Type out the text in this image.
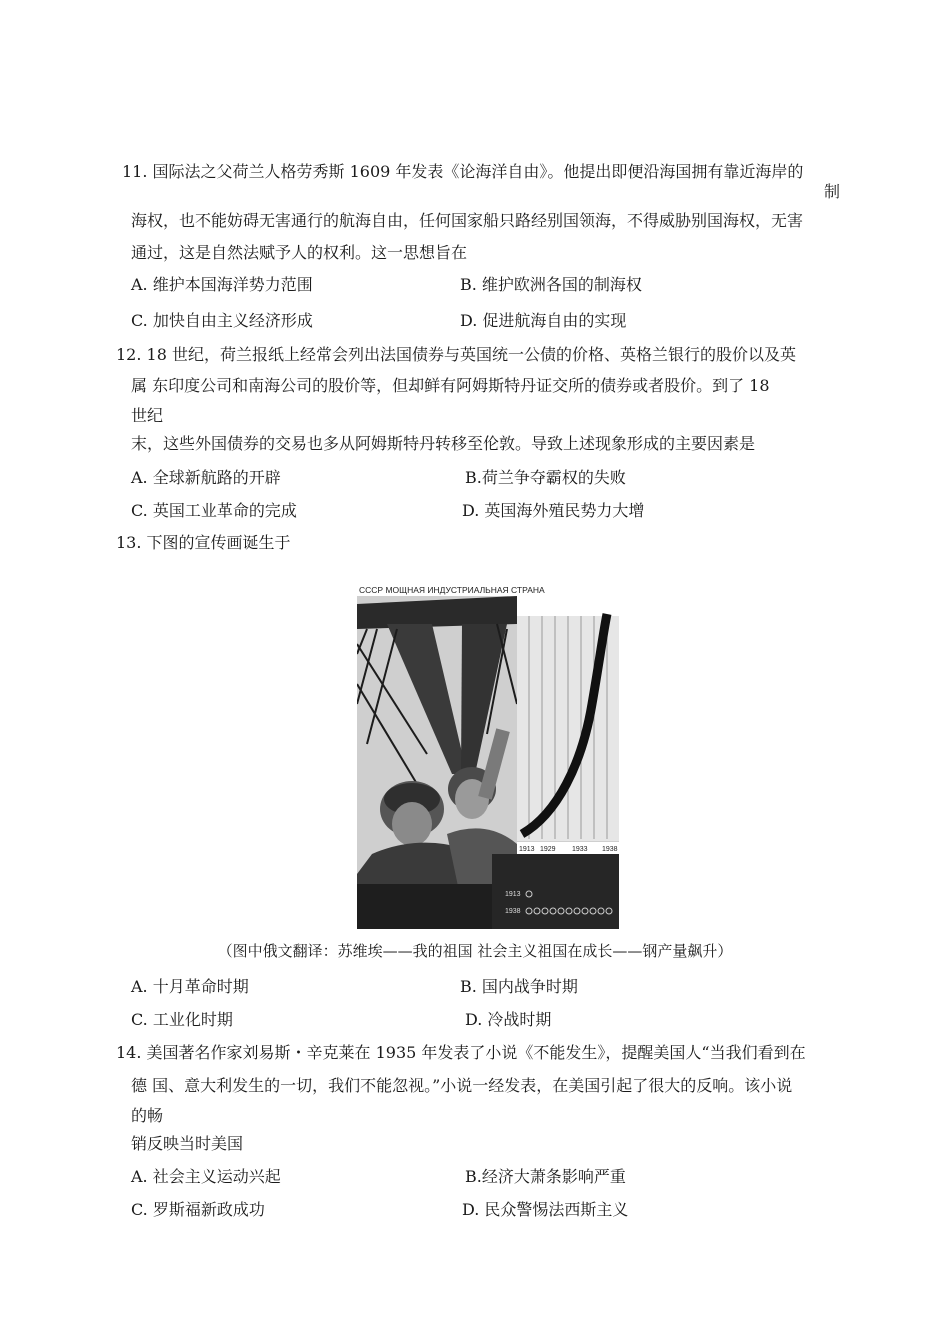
11. 国际法之父荷兰人格劳秀斯 1609 年发表《论海洋自由》。他提出即便沿海国拥有靠近海岸的
制
海权，也不能妨碍无害通行的航海自由，任何国家船只路经别国领海，不得威胁别国海权，无害
通过，这是自然法赋予人的权利。这一思想旨在
A. 维护本国海洋势力范围	B. 维护欧洲各国的制海权
C. 加快自由主义经济形成	D. 促进航海自由的实现
12. 18 世纪，荷兰报纸上经常会列出法国债券与英国统一公债的价格、英格兰银行的股价以及英
属 东印度公司和南海公司的股价等，但却鲜有阿姆斯特丹证交所的债券或者股价。到了 18
世纪
末，这些外国债券的交易也多从阿姆斯特丹转移至伦敦。导致上述现象形成的主要因素是
A. 全球新航路的开辟	B.荷兰争夺霸权的失败
C. 英国工业革命的完成	D. 英国海外殖民势力大增
13. 下图的宣传画诞生于
СССР МОЩНАЯ ИНДУСТРИАЛЬНАЯ СТРАНА
1913 1929 1933 1938
1913
1938
（图中俄文翻译：苏维埃——我的祖国 社会主义祖国在成长——钢产量飙升）
A. 十月革命时期	B. 国内战争时期
C. 工业化时期	D. 冷战时期
14. 美国著名作家刘易斯・辛克莱在 1935 年发表了小说《不能发生》，提醒美国人“当我们看到在
德 国、意大利发生的一切，我们不能忽视。”小说一经发表，在美国引起了很大的反响。该小说
的畅
销反映当时美国
A. 社会主义运动兴起	B.经济大萧条影响严重
C. 罗斯福新政成功	D. 民众警惕法西斯主义
